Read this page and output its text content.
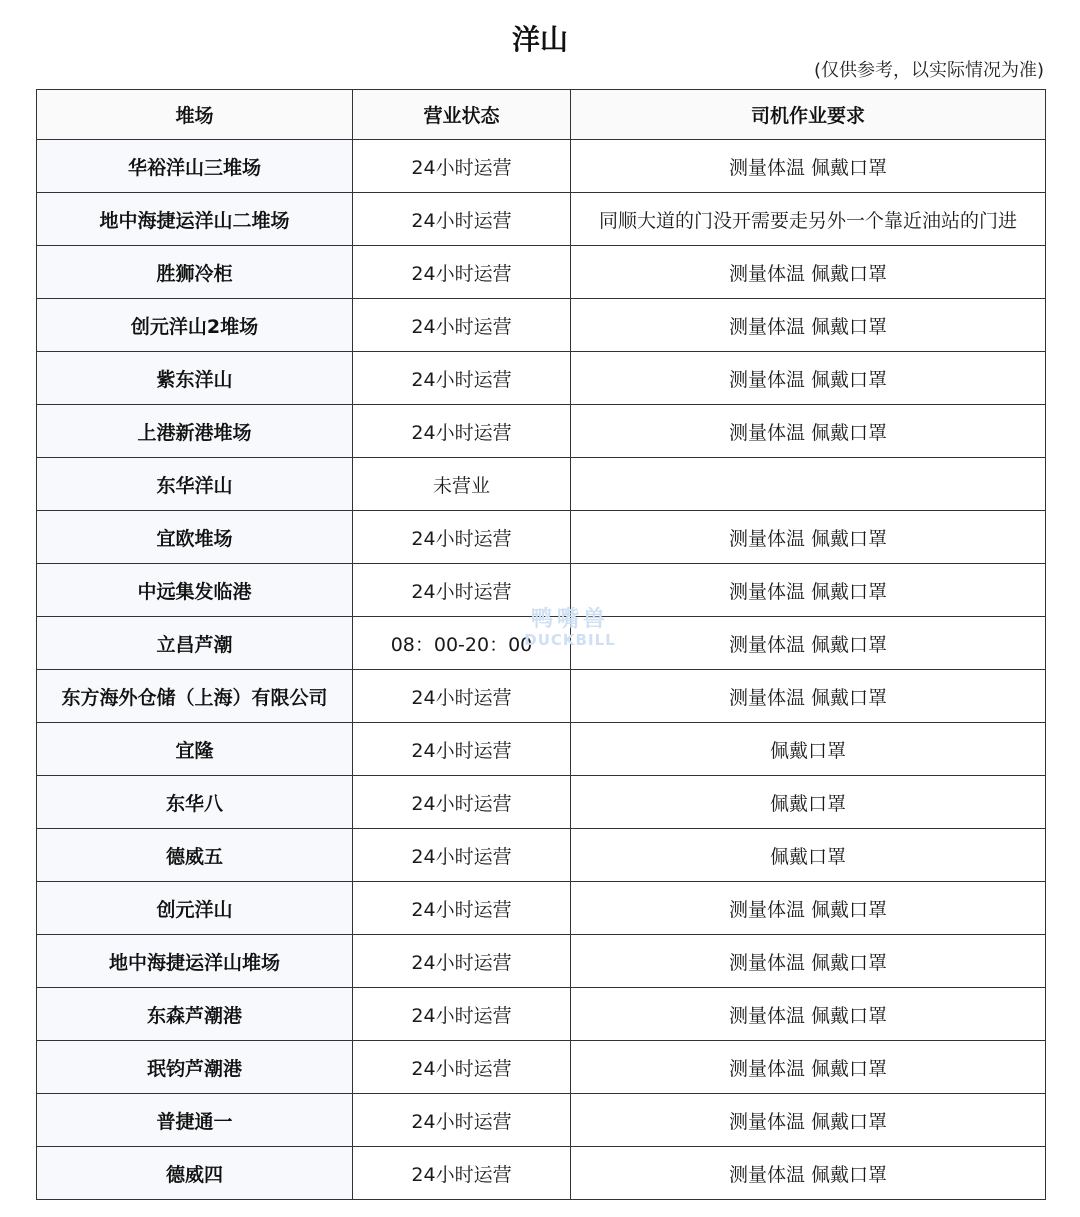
洋山
(仅供参考，以实际情况为准)
堆场	营业状态	司机作业要求
华裕洋山三堆场	24小时运营	测量体温 佩戴口罩
地中海捷运洋山二堆场	24小时运营	同顺大道的门没开需要走另外一个靠近油站的门进
胜狮冷柜	24小时运营	测量体温 佩戴口罩
创元洋山2堆场	24小时运营	测量体温 佩戴口罩
紫东洋山	24小时运营	测量体温 佩戴口罩
上港新港堆场	24小时运营	测量体温 佩戴口罩
东华洋山	未营业	
宜欧堆场	24小时运营	测量体温 佩戴口罩
中远集发临港	24小时运营	测量体温 佩戴口罩
立昌芦潮	08：00-20：00	测量体温 佩戴口罩
东方海外仓储（上海）有限公司	24小时运营	测量体温 佩戴口罩
宜隆	24小时运营	佩戴口罩
东华八	24小时运营	佩戴口罩
德威五	24小时运营	佩戴口罩
创元洋山	24小时运营	测量体温 佩戴口罩
地中海捷运洋山堆场	24小时运营	测量体温 佩戴口罩
东森芦潮港	24小时运营	测量体温 佩戴口罩
珉钧芦潮港	24小时运营	测量体温 佩戴口罩
普捷通一	24小时运营	测量体温 佩戴口罩
德威四	24小时运营	测量体温 佩戴口罩
鸭嘴兽
DUCKBILL
